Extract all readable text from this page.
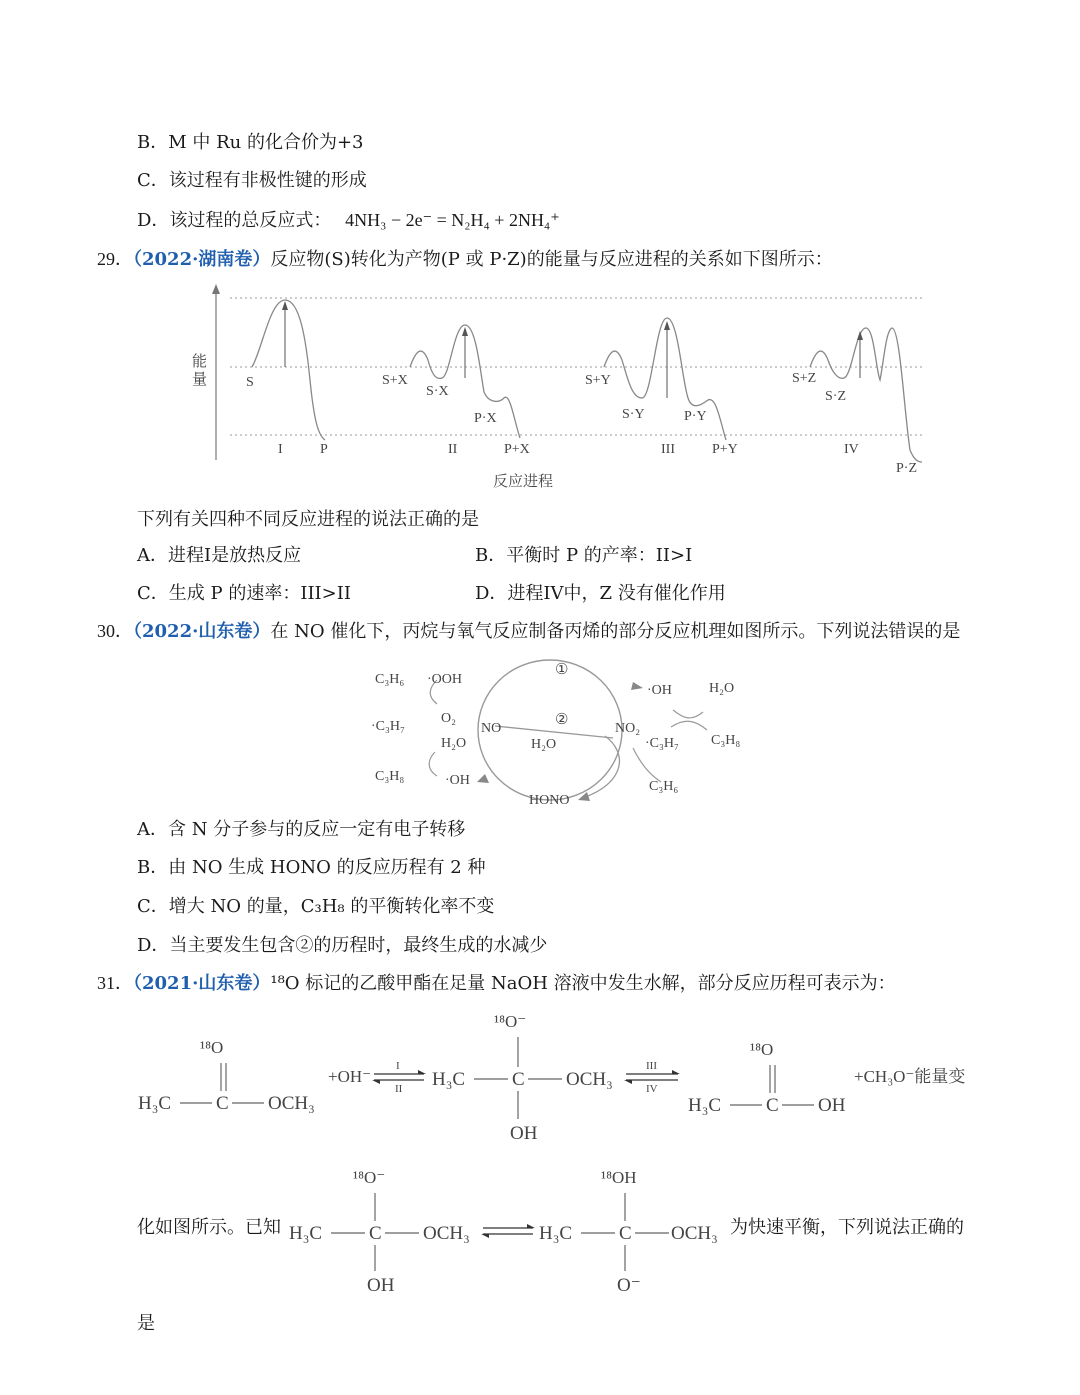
B．M 中 Ru 的化合价为+3
C．该过程有非极性键的形成
D．该过程的总反应式： 4NH₃ − 2e⁻ = N₂H₄ + 2NH₄⁺
29．（2022·湖南卷）反应物(S)转化为产物(P 或 P·Z)的能量与反应进程的关系如下图所示：
能
量	S
I	P
S+X
S·X
P·X
II	P+X
S+Y
S·Y	P·Y
III	P+Y
S+Z
S·Z
IV
P·Z
反应进程
下列有关四种不同反应进程的说法正确的是
A．进程I是放热反应	B．平衡时 P 的产率：II>I
C．生成 P 的速率：III>II	D．进程IV中，Z 没有催化作用
30．（2022·山东卷）在 NO 催化下，丙烷与氧气反应制备丙烯的部分反应机理如图所示。下列说法错误的是
C₃H₆ ·OOH
O₂
·C₃H₇
H₂O
C₃H₈	·OH
NO
H₂O
HONO
①
②
·OH	H₂O
NO₂
·C₃H₇ C₃H₈
C₃H₆
A．含 N 分子参与的反应一定有电子转移
B．由 NO 生成 HONO 的反应历程有 2 种
C．增大 NO 的量，C₃H₈ 的平衡转化率不变
D．当主要发生包含②的历程时，最终生成的水减少
31．（2021·山东卷）¹⁸O 标记的乙酸甲酯在足量 NaOH 溶液中发生水解，部分反应历程可表示为：
¹⁸O
H₃C C OCH₃
+OH⁻
I
II
¹⁸O⁻
H₃C C OCH₃
OH
III
IV
¹⁸O
H₃C C OH
+CH₃O⁻能量变
化如图所示。已知
¹⁸O⁻
H₃C C OCH₃
OH
¹⁸OH
H₃C C OCH₃
O⁻
为快速平衡，下列说法正确的
是
